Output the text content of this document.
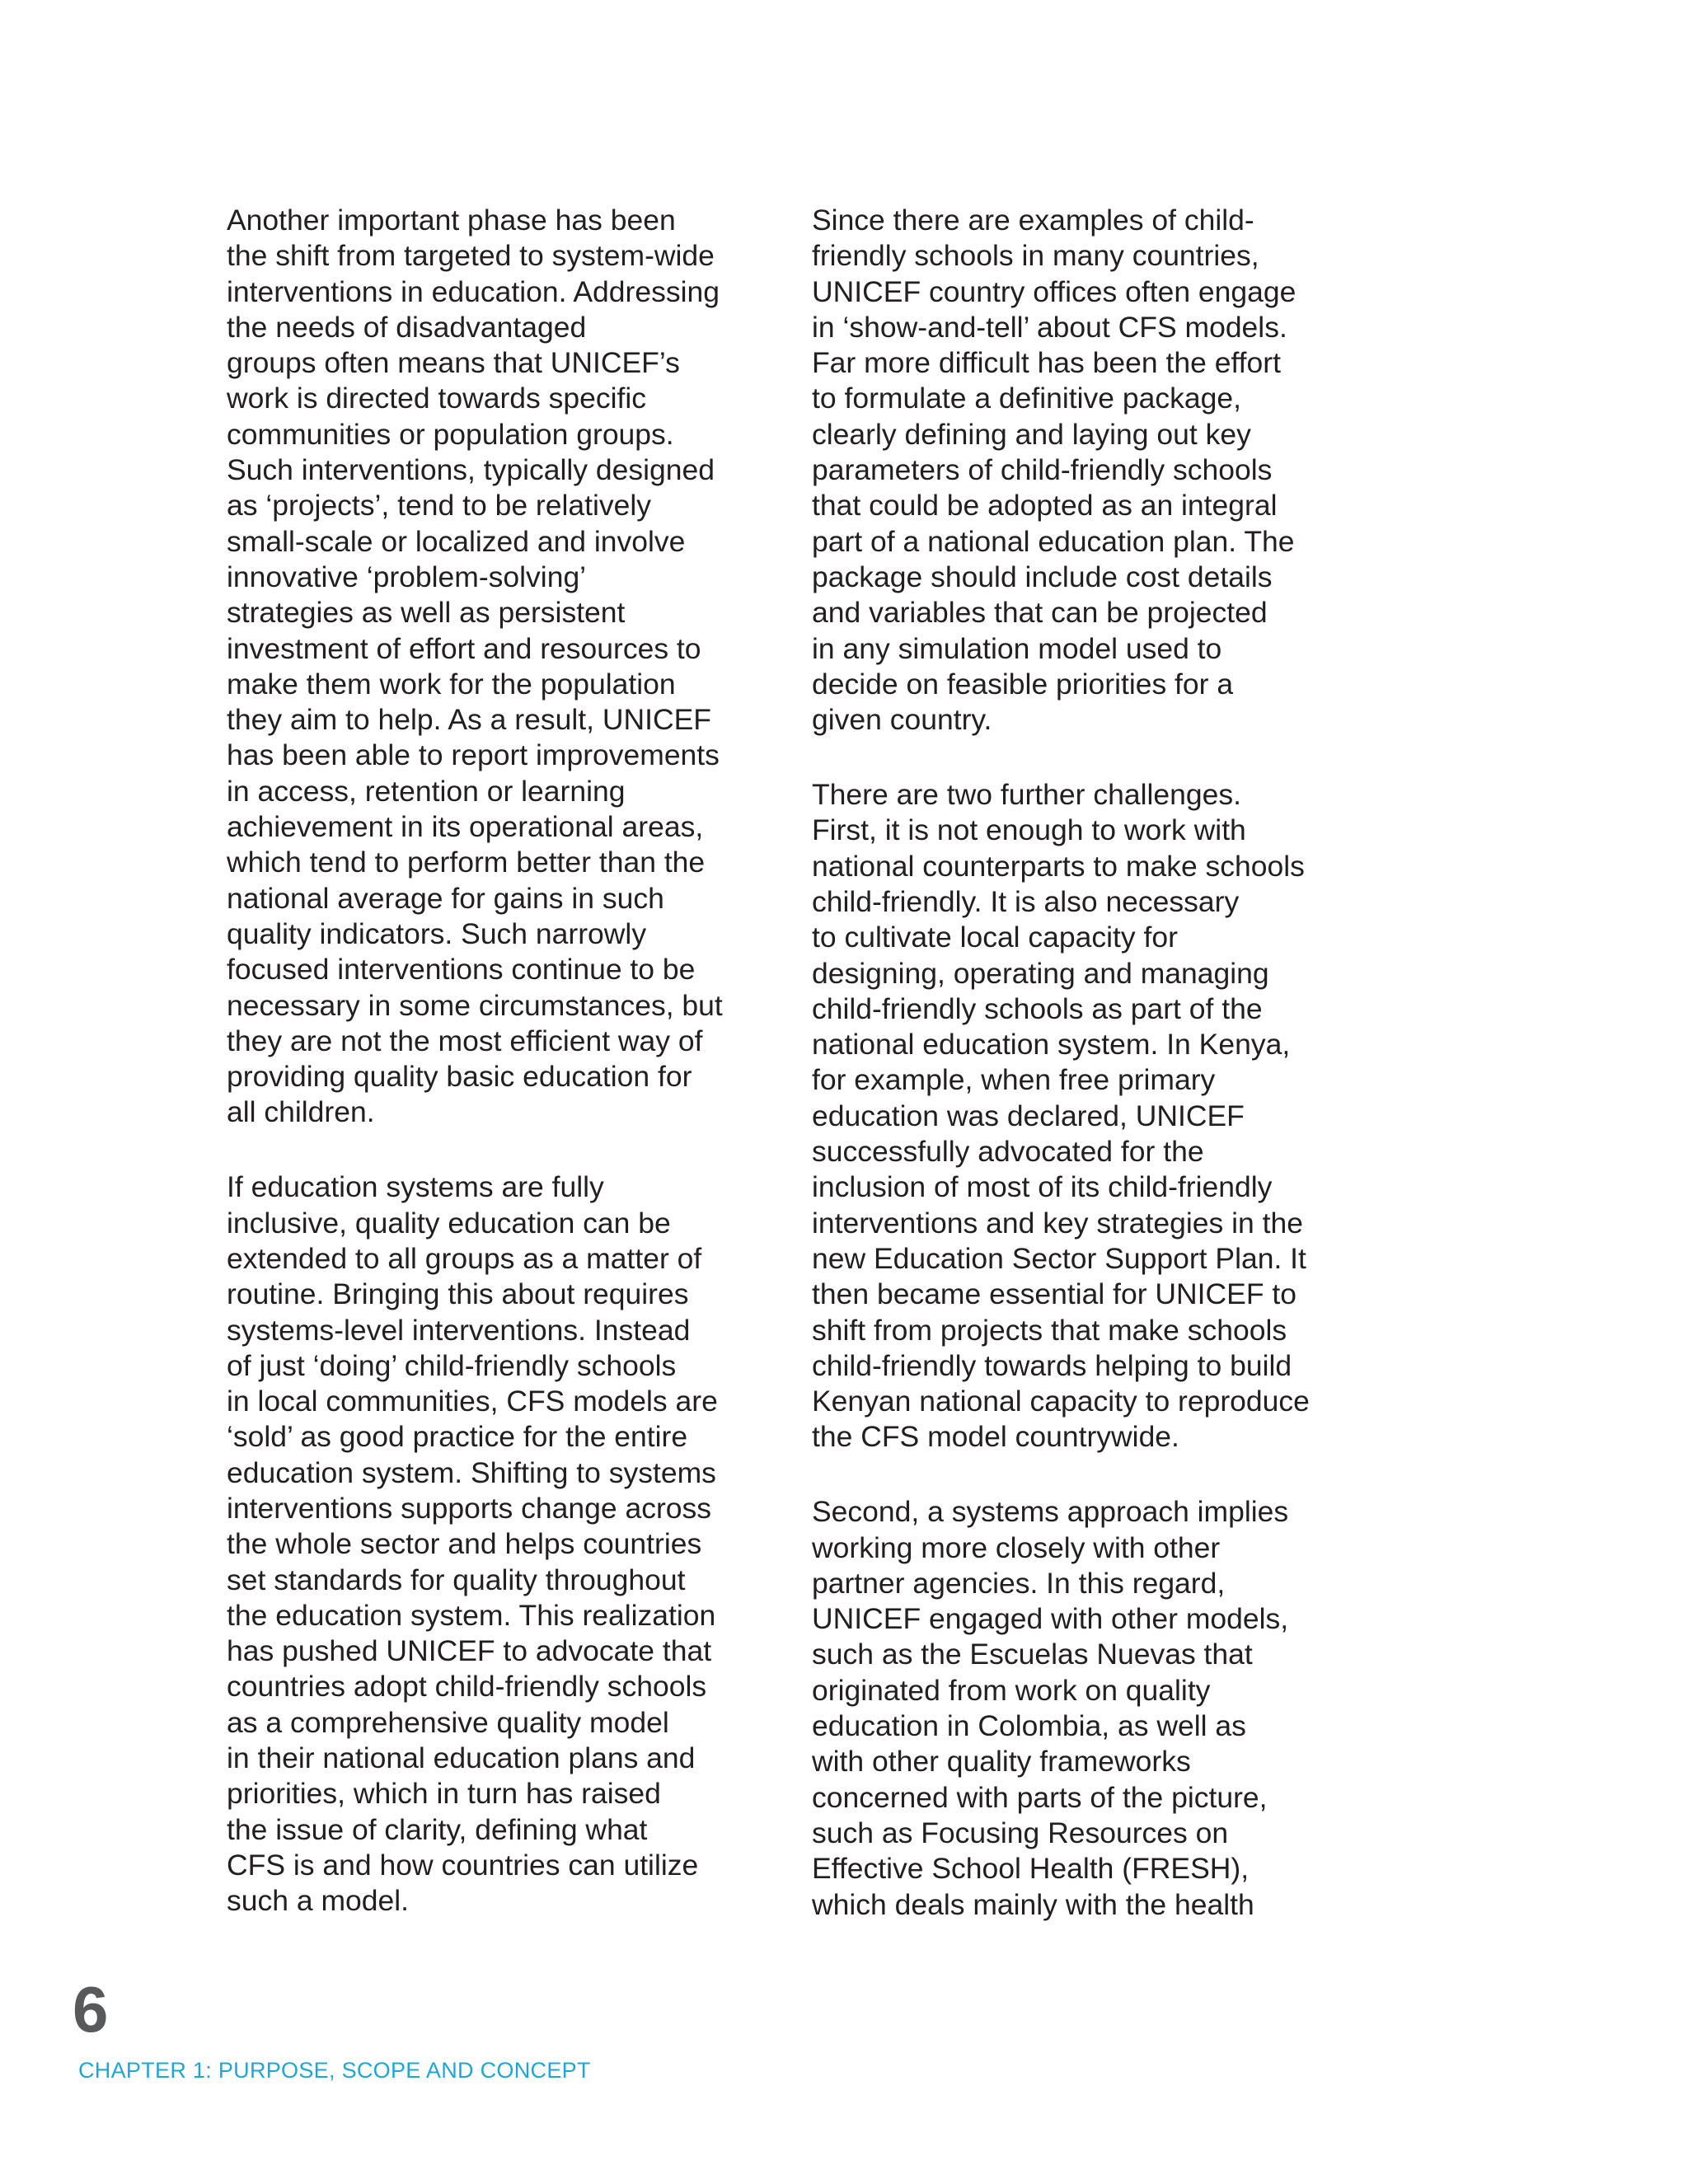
Another important phase has been
the shift from targeted to system-wide
interventions in education. Addressing
the needs of disadvantaged
groups often means that UNICEF’s
work is directed towards specific
communities or population groups.
Such interventions, typically designed
as ‘projects’, tend to be relatively
small-scale or localized and involve
innovative ‘problem-solving’
strategies as well as persistent
investment of effort and resources to
make them work for the population
they aim to help. As a result, UNICEF
has been able to report improvements
in access, retention or learning
achievement in its operational areas,
which tend to perform better than the
national average for gains in such
quality indicators. Such narrowly
focused interventions continue to be
necessary in some circumstances, but
they are not the most efficient way of
providing quality basic education for
all children.
If education systems are fully
inclusive, quality education can be
extended to all groups as a matter of
routine. Bringing this about requires
systems-level interventions. Instead
of just ‘doing’ child-friendly schools
in local communities, CFS models are
‘sold’ as good practice for the entire
education system. Shifting to systems
interventions supports change across
the whole sector and helps countries
set standards for quality throughout
the education system. This realization
has pushed UNICEF to advocate that
countries adopt child-friendly schools
as a comprehensive quality model
in their national education plans and
priorities, which in turn has raised
the issue of clarity, defining what
CFS is and how countries can utilize
such a model.
Since there are examples of child-
friendly schools in many countries,
UNICEF country offices often engage
in ‘show-and-tell’ about CFS models.
Far more difficult has been the effort
to formulate a definitive package,
clearly defining and laying out key
parameters of child-friendly schools
that could be adopted as an integral
part of a national education plan. The
package should include cost details
and variables that can be projected
in any simulation model used to
decide on feasible priorities for a
given country.
There are two further challenges.
First, it is not enough to work with
national counterparts to make schools
child-friendly. It is also necessary
to cultivate local capacity for
designing, operating and managing
child-friendly schools as part of the
national education system. In Kenya,
for example, when free primary
education was declared, UNICEF
successfully advocated for the
inclusion of most of its child-friendly
interventions and key strategies in the
new Education Sector Support Plan. It
then became essential for UNICEF to
shift from projects that make schools
child-friendly towards helping to build
Kenyan national capacity to reproduce
the CFS model countrywide.
Second, a systems approach implies
working more closely with other
partner agencies. In this regard,
UNICEF engaged with other models,
such as the Escuelas Nuevas that
originated from work on quality
education in Colombia, as well as
with other quality frameworks
concerned with parts of the picture,
such as Focusing Resources on
Effective School Health (FRESH),
which deals mainly with the health
6
CHAPTER 1: PURPOSE, SCOPE AND CONCEPT
